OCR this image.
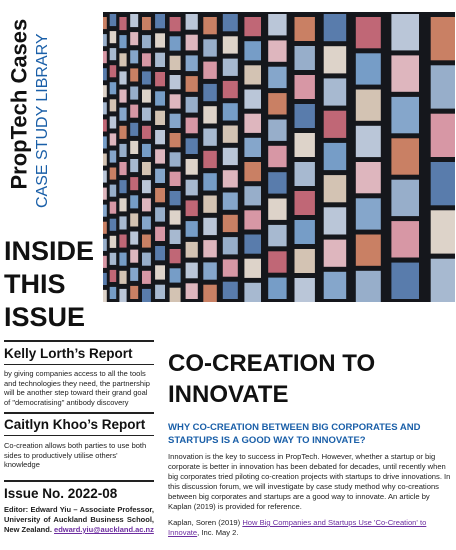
PropTech Cases CASE STUDY LIBRARY
INSIDE
THIS
ISSUE
Kelly Lorth’s Report
by giving companies access to all the tools and technologies they need, the partnership will be another step toward their grand goal of "democratising" antibody discovery
Caitlyn Khoo’s Report
Co-creation allows both parties to use both sides to productively utilise others' knowledge
Issue No. 2022-08
Editor: Edward Yiu – Associate Professor, University of Auckland Business School, New Zealand. edward.yiu@auckland.ac.nz
CO-CREATION TO
INNOVATE
WHY CO-CREATION BETWEEN BIG CORPORATES AND STARTUPS IS A GOOD WAY TO INNOVATE?
Innovation is the key to success in PropTech. However, whether a startup or big corporate is better in innovation has been debated for decades, until recently when big corporates tried piloting co-creation projects with startups to drive innovations. In this discussion forum, we will investigate by case study method why co-creations between big corporates and startups are a good way to innovate. An article by Kaplan (2019) is provided for reference.
Kaplan, Soren (2019) How Big Companies and Startups Use 'Co-Creation' to Innovate, Inc. May 2.
